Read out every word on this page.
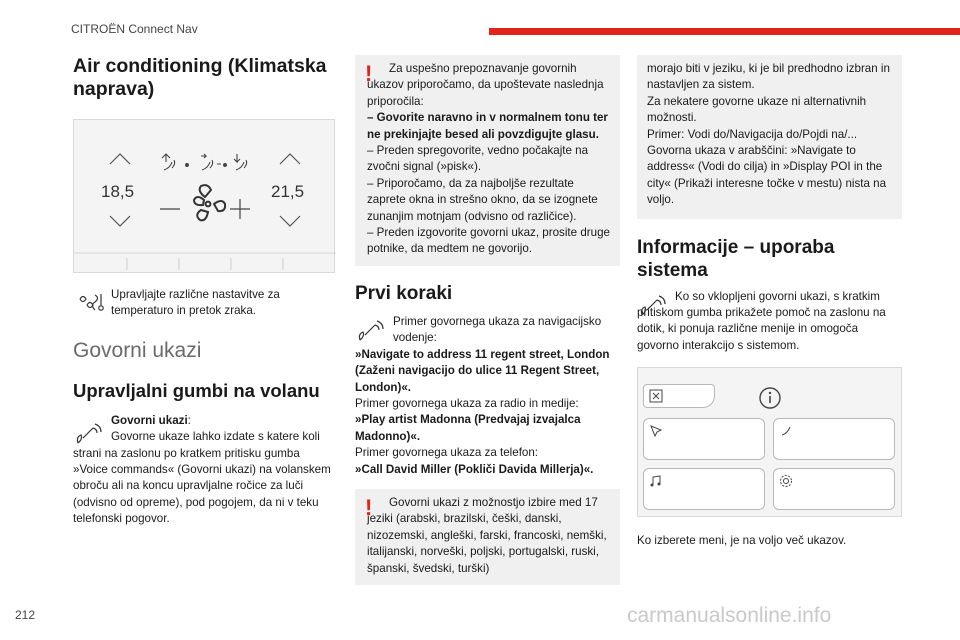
CITROËN Connect Nav
Air conditioning (Klimatska naprava)
18,5	21,5
Upravljajte različne nastavitve za temperaturo in pretok zraka.
Govorni ukazi
Upravljalni gumbi na volanu
Govorni ukazi:
Govorne ukaze lahko izdate s katere koli strani na zaslonu po kratkem pritisku gumba »Voice commands« (Govorni ukazi) na volanskem obroču ali na koncu upravljalne ročice za luči (odvisno od opreme), pod pogojem, da ni v teku telefonski pogovor.
!	Za uspešno prepoznavanje govornih ukazov priporočamo, da upoštevate naslednja priporočila:
– Govorite naravno in v normalnem tonu ter ne prekinjajte besed ali povzdigujte glasu.
– Preden spregovorite, vedno počakajte na zvočni signal (»pisk«).
– Priporočamo, da za najboljše rezultate zaprete okna in strešno okno, da se izognete zunanjim motnjam (odvisno od različice).
– Preden izgovorite govorni ukaz, prosite druge potnike, da medtem ne govorijo.
Prvi koraki
Primer govornega ukaza za navigacijsko vodenje:
»Navigate to address 11 regent street, London (Zaženi navigacijo do ulice 11 Regent Street, London)«.
Primer govornega ukaza za radio in medije:
»Play artist Madonna (Predvajaj izvajalca Madonno)«.
Primer govornega ukaza za telefon:
»Call David Miller (Pokliči Davida Millerja)«.
!	Govorni ukazi z možnostjo izbire med 17 jeziki (arabski, brazilski, češki, danski, nizozemski, angleški, farski, francoski, nemški, italijanski, norveški, poljski, portugalski, ruski, španski, švedski, turški)
morajo biti v jeziku, ki je bil predhodno izbran in nastavljen za sistem.
Za nekatere govorne ukaze ni alternativnih možnosti.
Primer: Vodi do/Navigacija do/Pojdi na/...
Govorna ukaza v arabščini: »Navigate to address« (Vodi do cilja) in »Display POI in the city« (Prikaži interesne točke v mestu) nista na voljo.
Informacije – uporaba sistema
Ko so vklopljeni govorni ukazi, s kratkim pritiskom gumba prikažete pomoč na zaslonu na dotik, ki ponuja različne menije in omogoča govorno interakcijo s sistemom.
Ko izberete meni, je na voljo več ukazov.
212	carmanualsonline.info
